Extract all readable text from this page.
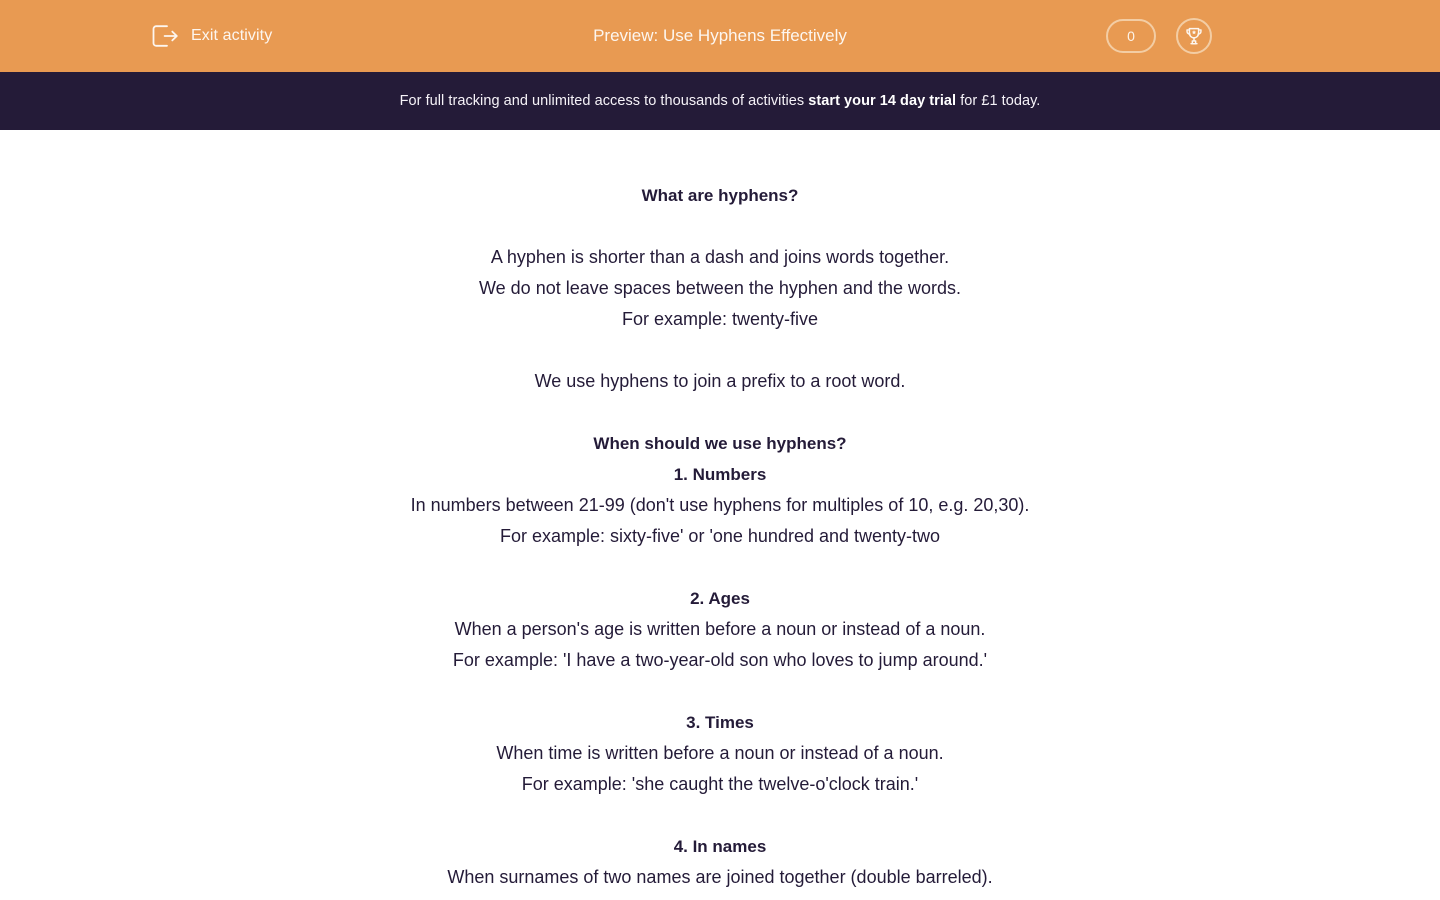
Exit activity	Preview: Use Hyphens Effectively	0
For full tracking and unlimited access to thousands of activities start your 14 day trial for £1 today.

What are hyphens?

A hyphen is shorter than a dash and joins words together.

We do not leave spaces between the hyphen and the words.

For example: twenty-five

We use hyphens to join a prefix to a root word.

When should we use hyphens?

1. Numbers

In numbers between 21-99 (don't use hyphens for multiples of 10, e.g. 20,30).

For example: sixty-five' or 'one hundred and twenty-two

2. Ages

When a person's age is written before a noun or instead of a noun.

For example: 'I have a two-year-old son who loves to jump around.'

3. Times

When time is written before a noun or instead of a noun.

For example: 'she caught the twelve-o'clock train.'

4. In names

When surnames of two names are joined together (double barreled).
